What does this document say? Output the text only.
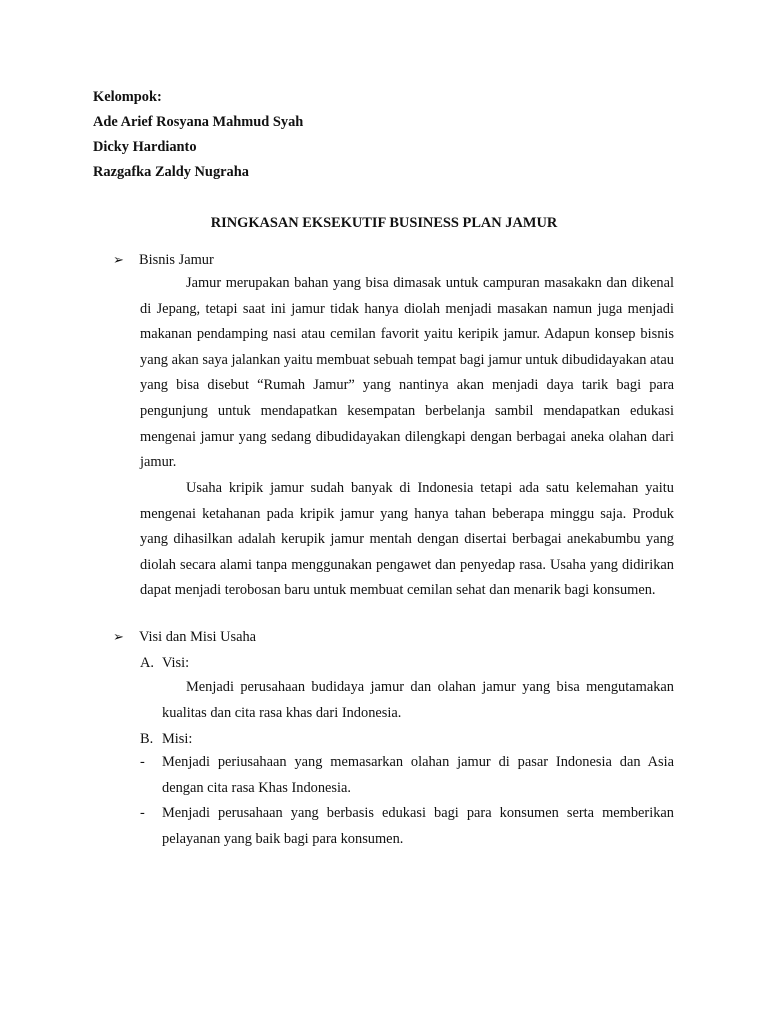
Kelompok:
Ade Arief Rosyana Mahmud Syah
Dicky Hardianto
Razgafka Zaldy Nugraha
RINGKASAN EKSEKUTIF BUSINESS PLAN JAMUR
➢ Bisnis Jamur

Jamur merupakan bahan yang bisa dimasak untuk campuran masakakn dan dikenal di Jepang, tetapi saat ini jamur tidak hanya diolah menjadi masakan namun juga menjadi makanan pendamping nasi atau cemilan favorit yaitu keripik jamur. Adapun konsep bisnis yang akan saya jalankan yaitu membuat sebuah tempat bagi jamur untuk dibudidayakan atau yang bisa disebut “Rumah Jamur” yang nantinya akan menjadi daya tarik bagi para pengunjung untuk mendapatkan kesempatan berbelanja sambil mendapatkan edukasi mengenai jamur yang sedang dibudidayakan dilengkapi dengan berbagai aneka olahan dari jamur.

Usaha kripik jamur sudah banyak di Indonesia tetapi ada satu kelemahan yaitu mengenai ketahanan pada kripik jamur yang hanya tahan beberapa minggu saja. Produk yang dihasilkan adalah kerupik jamur mentah dengan disertai berbagai anekabumbu yang diolah secara alami tanpa menggunakan pengawet dan penyedap rasa. Usaha yang didirikan dapat menjadi terobosan baru untuk membuat cemilan sehat dan menarik bagi konsumen.

➢ Visi dan Misi Usaha
A. Visi:

Menjadi perusahaan budidaya jamur dan olahan jamur yang bisa mengutamakan kualitas dan cita rasa khas dari Indonesia.

B. Misi:
- Menjadi periusahaan yang memasarkan olahan jamur di pasar Indonesia dan Asia dengan cita rasa Khas Indonesia.
- Menjadi perusahaan yang berbasis edukasi bagi para konsumen serta memberikan pelayanan yang baik bagi para konsumen.
